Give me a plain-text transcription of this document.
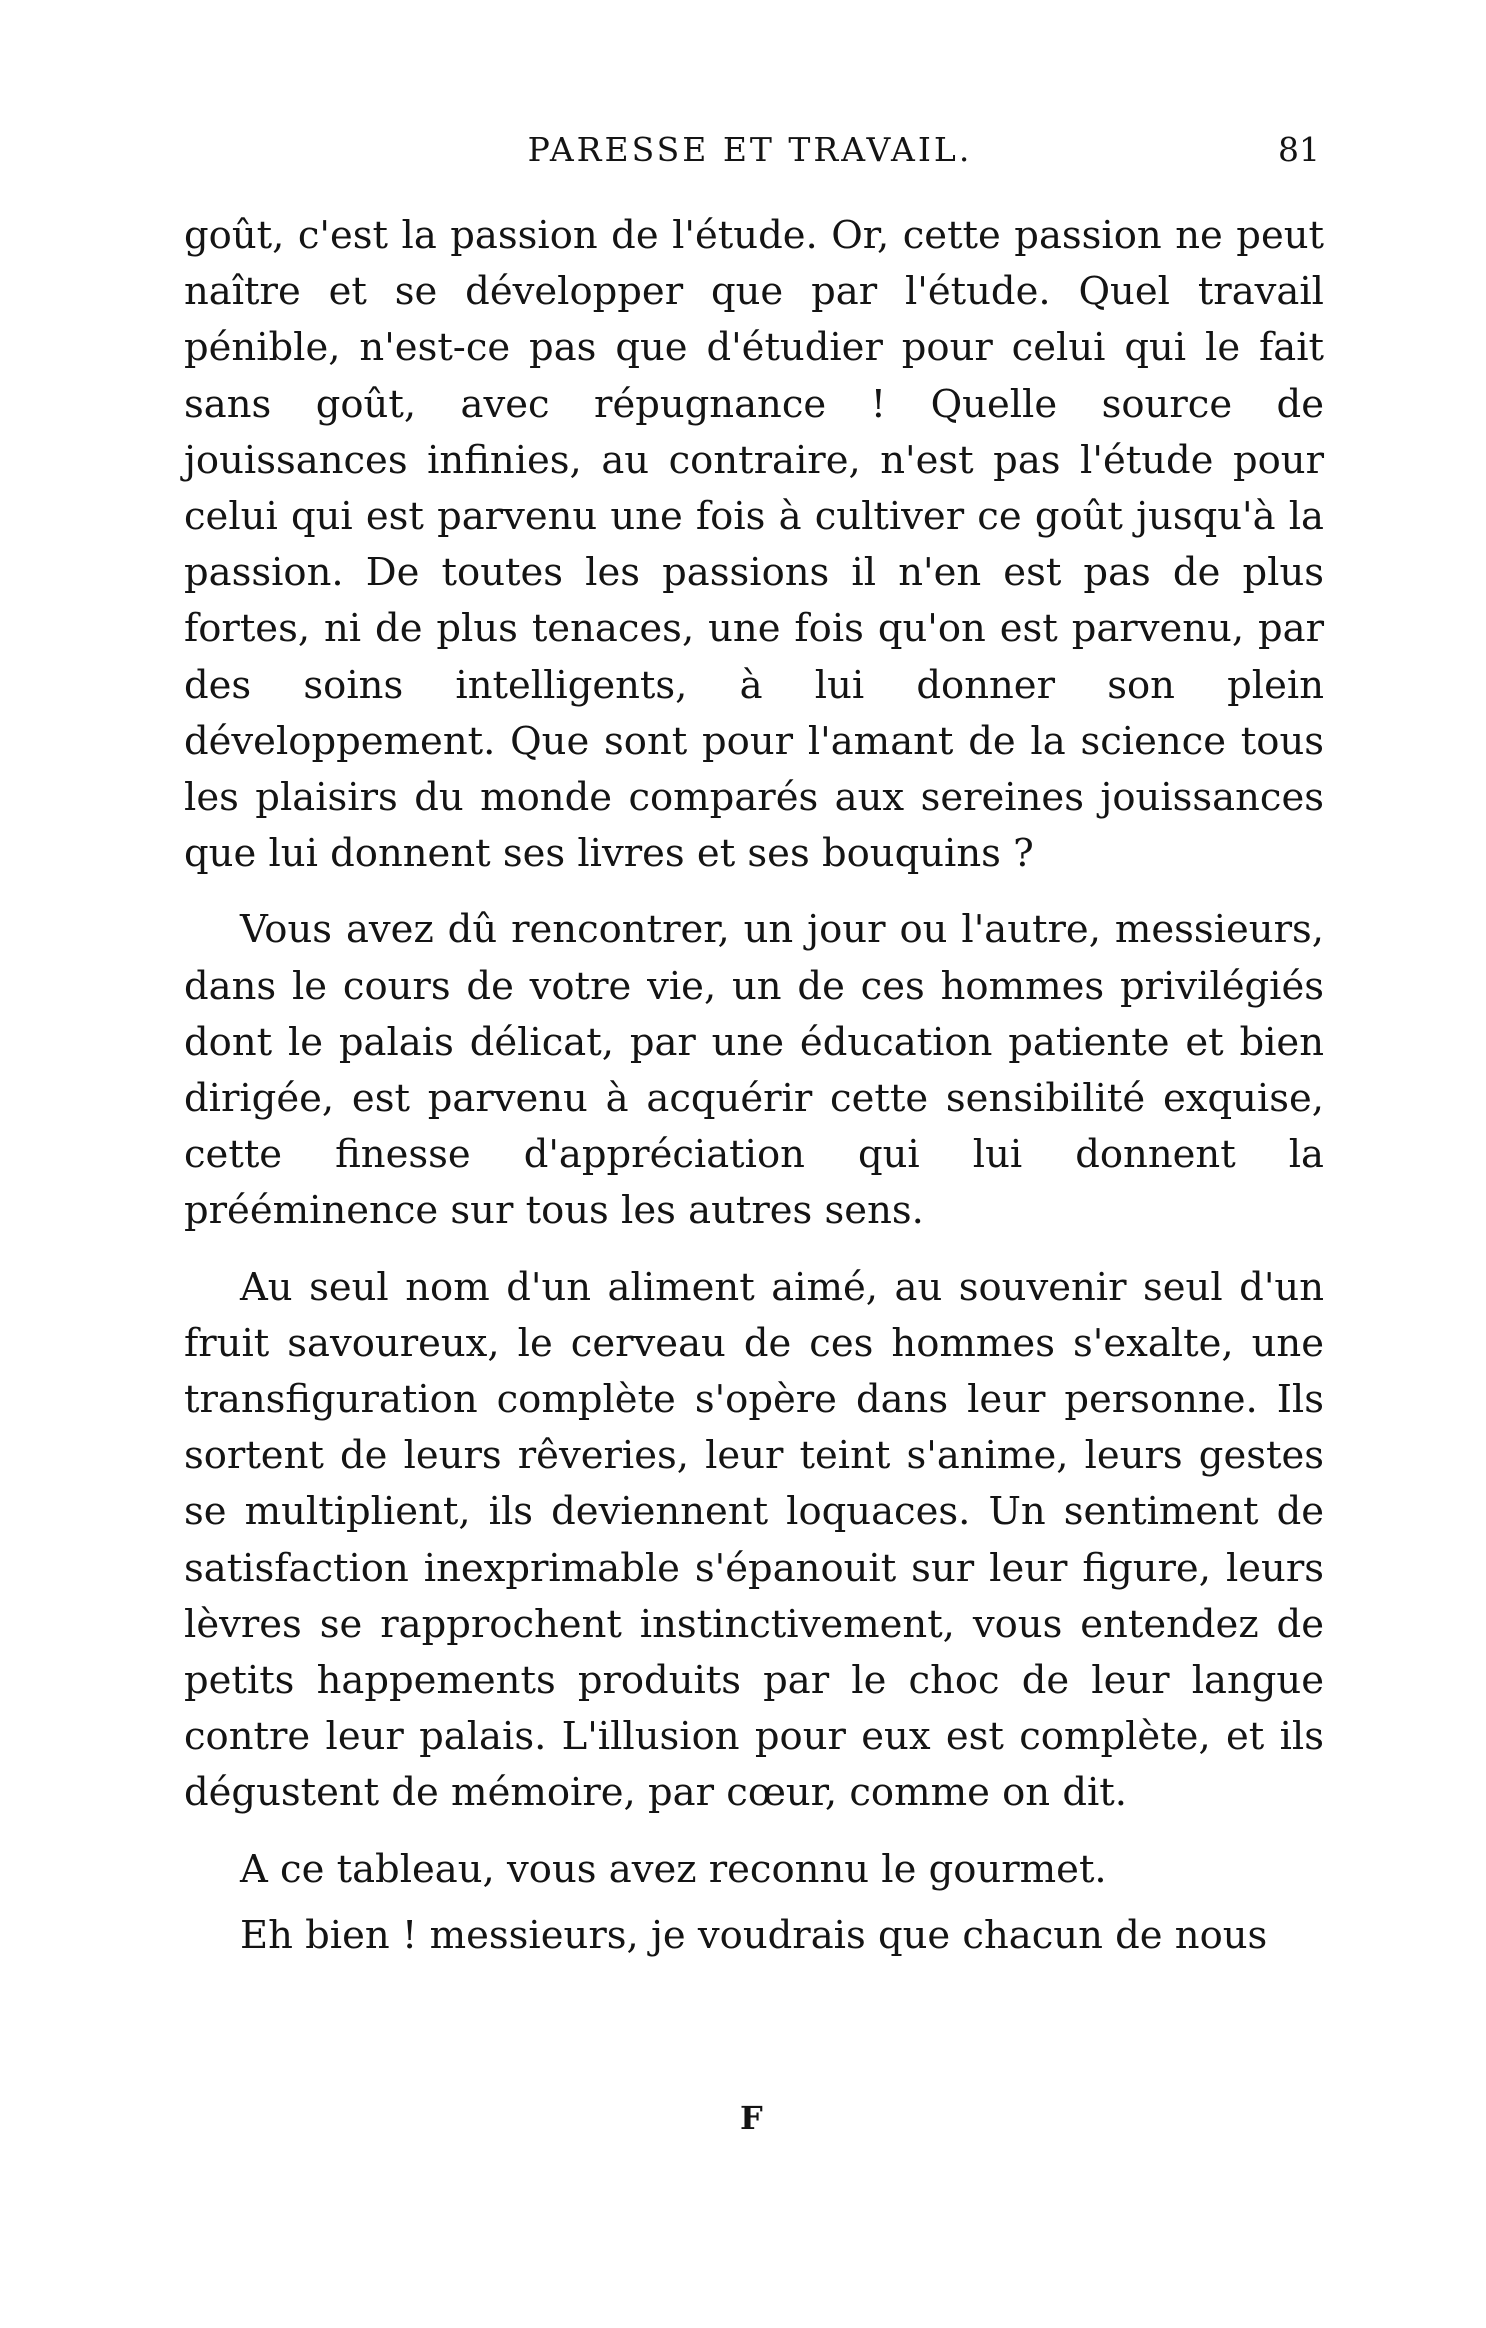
PARESSE ET TRAVAIL.	81

goût, c'est la passion de l'étude. Or, cette passion ne peut naître et se développer que par l'étude. Quel travail pénible, n'est-ce pas que d'étudier pour celui qui le fait sans goût, avec répugnance ! Quelle source de jouissances infinies, au contraire, n'est pas l'étude pour celui qui est parvenu une fois à cultiver ce goût jusqu'à la passion. De toutes les passions il n'en est pas de plus fortes, ni de plus tenaces, une fois qu'on est parvenu, par des soins intelligents, à lui donner son plein développement. Que sont pour l'amant de la science tous les plaisirs du monde comparés aux sereines jouissances que lui donnent ses livres et ses bouquins ?

Vous avez dû rencontrer, un jour ou l'autre, messieurs, dans le cours de votre vie, un de ces hommes privilégiés dont le palais délicat, par une éducation patiente et bien dirigée, est parvenu à acquérir cette sensibilité exquise, cette finesse d'appréciation qui lui donnent la prééminence sur tous les autres sens.

Au seul nom d'un aliment aimé, au souvenir seul d'un fruit savoureux, le cerveau de ces hommes s'exalte, une transfiguration complète s'opère dans leur personne. Ils sortent de leurs rêveries, leur teint s'anime, leurs gestes se multiplient, ils deviennent loquaces. Un sentiment de satisfaction inexprimable s'épanouit sur leur figure, leurs lèvres se rapprochent instinctivement, vous entendez de petits happements produits par le choc de leur langue contre leur palais. L'illusion pour eux est complète, et ils dégustent de mémoire, par cœur, comme on dit.

A ce tableau, vous avez reconnu le gourmet.

Eh bien ! messieurs, je voudrais que chacun de nous

F
